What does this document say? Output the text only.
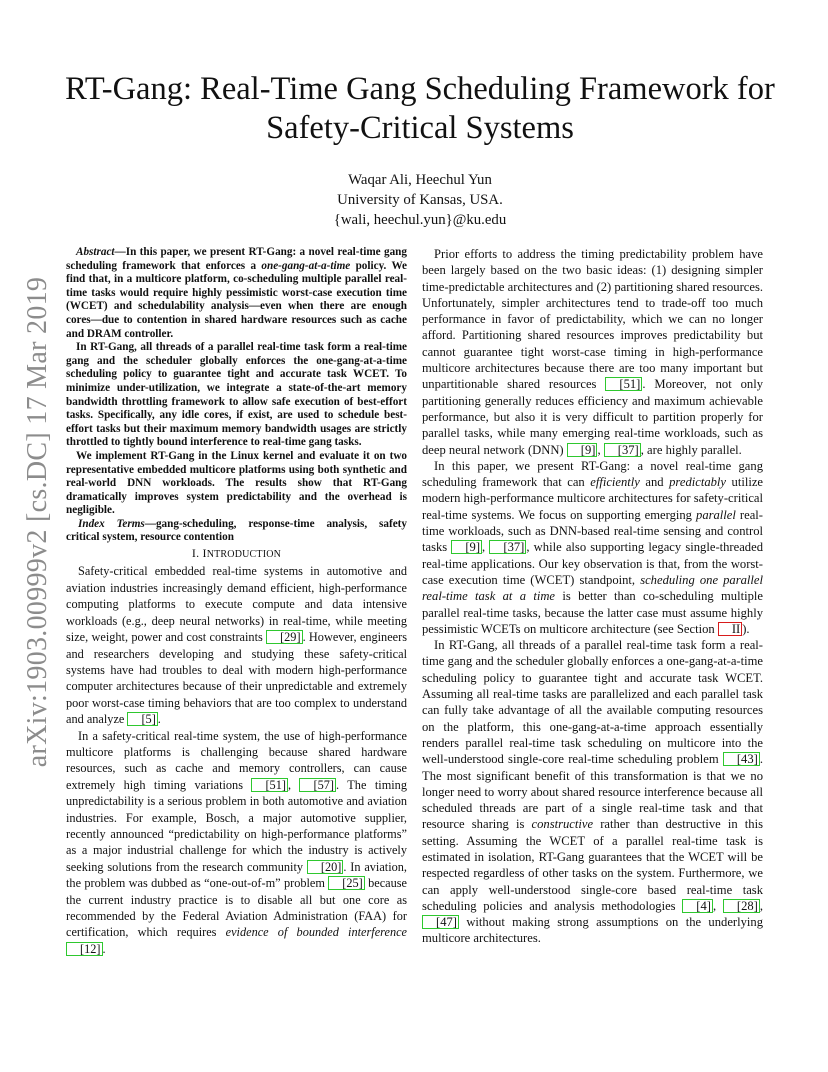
arXiv:1903.00999v2 [cs.DC] 17 Mar 2019
RT-Gang: Real-Time Gang Scheduling Framework for Safety-Critical Systems
Waqar Ali, Heechul Yun
University of Kansas, USA.
{wali, heechul.yun}@ku.edu

Abstract—In this paper, we present RT-Gang: a novel real-time gang scheduling framework that enforces a one-gang-at-a-time policy. We find that, in a multicore platform, co-scheduling multiple parallel real-time tasks would require highly pessimistic worst-case execution time (WCET) and schedulability analysis—even when there are enough cores—due to contention in shared hardware resources such as cache and DRAM controller.

In RT-Gang, all threads of a parallel real-time task form a real-time gang and the scheduler globally enforces the one-gang-at-a-time scheduling policy to guarantee tight and accurate task WCET. To minimize under-utilization, we integrate a state-of-the-art memory bandwidth throttling framework to allow safe execution of best-effort tasks. Specifically, any idle cores, if exist, are used to schedule best-effort tasks but their maximum memory bandwidth usages are strictly throttled to tightly bound interference to real-time gang tasks.

We implement RT-Gang in the Linux kernel and evaluate it on two representative embedded multicore platforms using both synthetic and real-world DNN workloads. The results show that RT-Gang dramatically improves system predictability and the overhead is negligible.

Index Terms—gang-scheduling, response-time analysis, safety critical system, resource contention

I. INTRODUCTION

Safety-critical embedded real-time systems in automotive and aviation industries increasingly demand efficient, high-performance computing platforms to execute compute and data intensive workloads (e.g., deep neural networks) in real-time, while meeting size, weight, power and cost constraints [29] . However, engineers and researchers developing and studying these safety-critical systems have had troubles to deal with modern high-performance computer architectures because of their unpredictable and extremely poor worst-case timing behaviors that are too complex to understand and analyze [5] .

In a safety-critical real-time system, the use of high-performance multicore platforms is challenging because shared hardware resources, such as cache and memory controllers, can cause extremely high timing variations [51] , [57] . The timing unpredictability is a serious problem in both automotive and aviation industries. For example, Bosch, a major automotive supplier, recently announced “predictability on high-performance platforms” as a major industrial challenge for which the industry is actively seeking solutions from the research community [20] . In aviation, the problem was dubbed as “one-out-of-m” problem [25] because the current industry practice is to disable all but one core as recommended by the Federal Aviation Administration (FAA) for certification, which requires evidence of bounded interference [12] .

Prior efforts to address the timing predictability problem have been largely based on the two basic ideas: (1) designing simpler time-predictable architectures and (2) partitioning shared resources. Unfortunately, simpler architectures tend to trade-off too much performance in favor of predictability, which we can no longer afford. Partitioning shared resources improves predictability but cannot guarantee tight worst-case timing in high-performance multicore architectures because there are too many important but unpartitionable shared resources [51] . Moreover, not only partitioning generally reduces efficiency and maximum achievable performance, but also it is very difficult to partition properly for parallel tasks, while many emerging real-time workloads, such as deep neural network (DNN) [9] , [37] , are highly parallel.

In this paper, we present RT-Gang: a novel real-time gang scheduling framework that can efficiently and predictably utilize modern high-performance multicore architectures for safety-critical real-time systems. We focus on supporting emerging parallel real-time workloads, such as DNN-based real-time sensing and control tasks [9] , [37] , while also supporting legacy single-threaded real-time applications. Our key observation is that, from the worst-case execution time (WCET) standpoint, scheduling one parallel real-time task at a time is better than co-scheduling multiple parallel real-time tasks, because the latter case must assume highly pessimistic WCETs on multicore architecture (see Section II ).

In RT-Gang, all threads of a parallel real-time task form a real-time gang and the scheduler globally enforces a one-gang-at-a-time scheduling policy to guarantee tight and accurate task WCET. Assuming all real-time tasks are parallelized and each parallel task can fully take advantage of all the available computing resources on the platform, this one-gang-at-a-time approach essentially renders parallel real-time task scheduling on multicore into the well-understood single-core real-time scheduling problem [43] . The most significant benefit of this transformation is that we no longer need to worry about shared resource interference because all scheduled threads are part of a single real-time task and that resource sharing is constructive rather than destructive in this setting. Assuming the WCET of a parallel real-time task is estimated in isolation, RT-Gang guarantees that the WCET will be respected regardless of other tasks on the system. Furthermore, we can apply well-understood single-core based real-time task scheduling policies and analysis methodologies [4] , [28] , [47] without making strong assumptions on the underlying multicore architectures.
